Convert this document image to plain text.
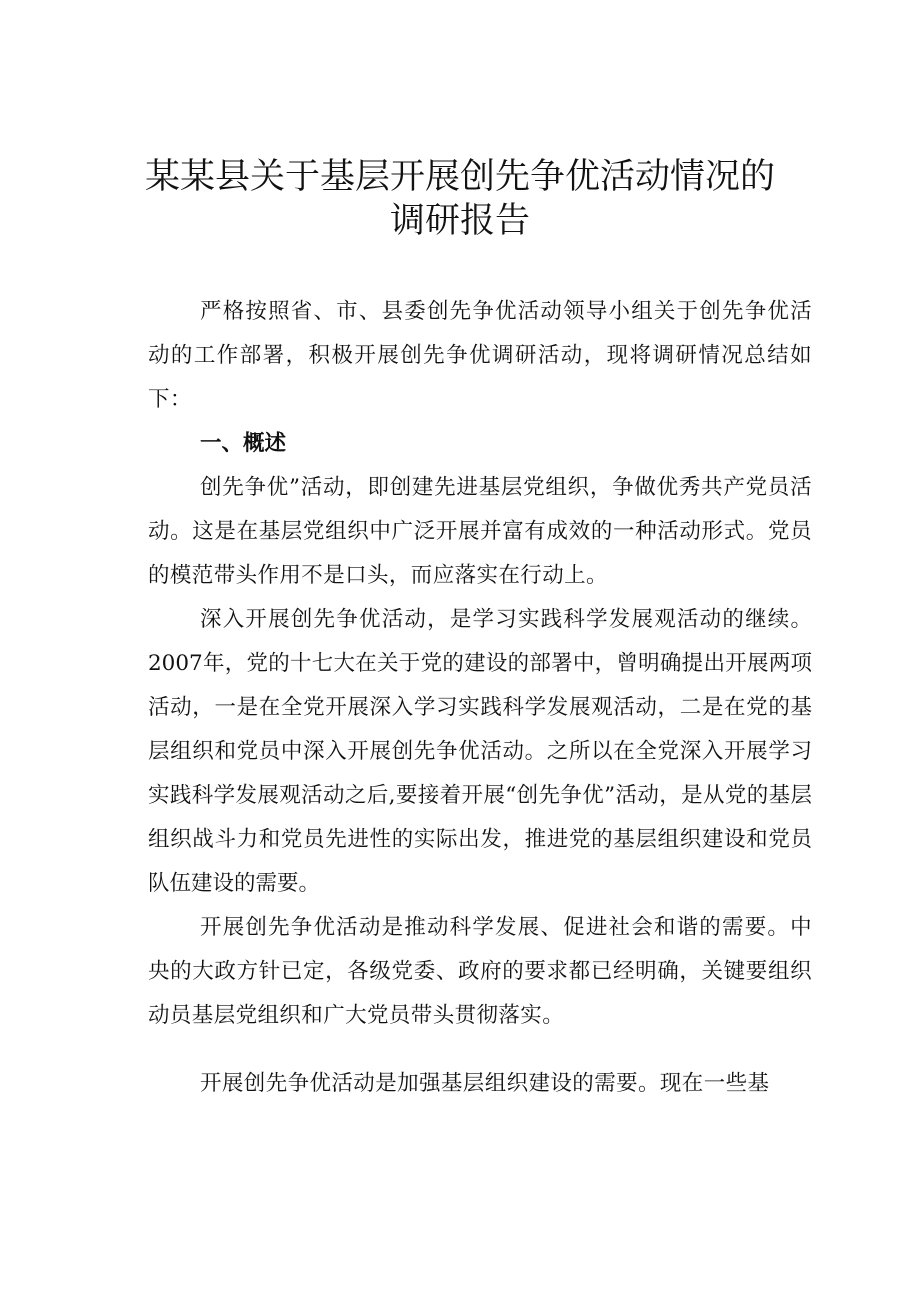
某某县关于基层开展创先争优活动情况的
调研报告

严格按照省、市、县委创先争优活动领导小组关于创先争优活动的工作部署，积极开展创先争优调研活动，现将调研情况总结如下：

一、概述

创先争优”活动，即创建先进基层党组织，争做优秀共产党员活动。这是在基层党组织中广泛开展并富有成效的一种活动形式。党员的模范带头作用不是口头，而应落实在行动上。

深入开展创先争优活动，是学习实践科学发展观活动的继续。2007年，党的十七大在关于党的建设的部署中，曾明确提出开展两项活动，一是在全党开展深入学习实践科学发展观活动，二是在党的基层组织和党员中深入开展创先争优活动。之所以在全党深入开展学习实践科学发展观活动之后,要接着开展“创先争优”活动，是从党的基层组织战斗力和党员先进性的实际出发，推进党的基层组织建设和党员队伍建设的需要。

开展创先争优活动是推动科学发展、促进社会和谐的需要。中央的大政方针已定，各级党委、政府的要求都已经明确，关键要组织动员基层党组织和广大党员带头贯彻落实。

开展创先争优活动是加强基层组织建设的需要。现在一些基
